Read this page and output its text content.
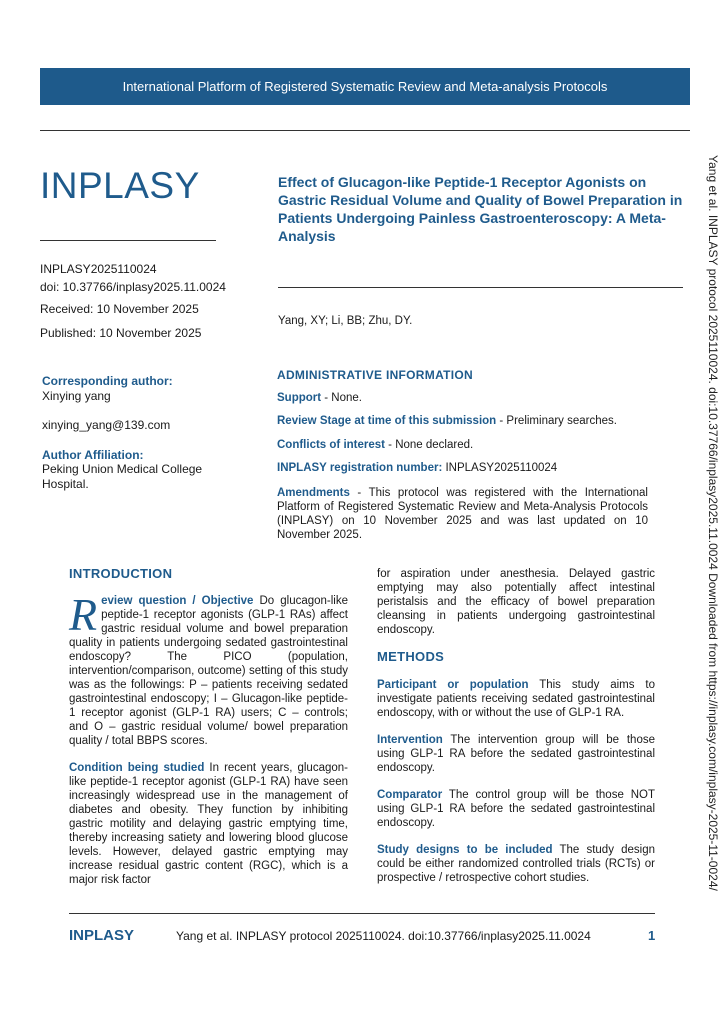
International Platform of Registered Systematic Review and Meta-analysis Protocols
INPLASY
INPLASY2025110024
doi: 10.37766/inplasy2025.11.0024
Received: 10 November 2025
Published: 10 November 2025
Corresponding author:
Xinying yang
xinying_yang@139.com
Author Affiliation:
Peking Union Medical College Hospital.
Effect of Glucagon-like Peptide-1 Receptor Agonists on Gastric Residual Volume and Quality of Bowel Preparation in Patients Undergoing Painless Gastroenteroscopy: A Meta-Analysis
Yang, XY; Li, BB; Zhu, DY.
ADMINISTRATIVE INFORMATION
Support - None.
Review Stage at time of this submission - Preliminary searches.
Conflicts of interest - None declared.
INPLASY registration number: INPLASY2025110024
Amendments - This protocol was registered with the International Platform of Registered Systematic Review and Meta-Analysis Protocols (INPLASY) on 10 November 2025 and was last updated on 10 November 2025.
INTRODUCTION

Review question / Objective Do glucagon-like peptide-1 receptor agonists (GLP-1 RAs) affect gastric residual volume and bowel preparation quality in patients undergoing sedated gastrointestinal endoscopy? The PICO (population, intervention/comparison, outcome) setting of this study was as the followings: P – patients receiving sedated gastrointestinal endoscopy; I – Glucagon-like peptide-1 receptor agonist (GLP-1 RA) users; C – controls; and O – gastric residual volume/ bowel preparation quality / total BBPS scores.

Condition being studied In recent years, glucagon-like peptide-1 receptor agonist (GLP-1 RA) have seen increasingly widespread use in the management of diabetes and obesity. They function by inhibiting gastric motility and delaying gastric emptying time, thereby increasing satiety and lowering blood glucose levels. However, delayed gastric emptying may increase residual gastric content (RGC), which is a major risk factor

for aspiration under anesthesia. Delayed gastric emptying may also potentially affect intestinal peristalsis and the efficacy of bowel preparation cleansing in patients undergoing gastrointestinal endoscopy.

METHODS

Participant or population This study aims to investigate patients receiving sedated gastrointestinal endoscopy, with or without the use of GLP-1 RA.

Intervention The intervention group will be those using GLP-1 RA before the sedated gastrointestinal endoscopy.

Comparator The control group will be those NOT using GLP-1 RA before the sedated gastrointestinal endoscopy.

Study designs to be included The study design could be either randomized controlled trials (RCTs) or prospective / retrospective cohort studies.	Yang et al. INPLASY protocol 2025110024. doi:10.37766/inplasy2025.11.0024 Downloaded from https://inplasy.com/inplasy-2025-11-0024/
INPLASY	Yang et al. INPLASY protocol 2025110024. doi:10.37766/inplasy2025.11.0024	1
